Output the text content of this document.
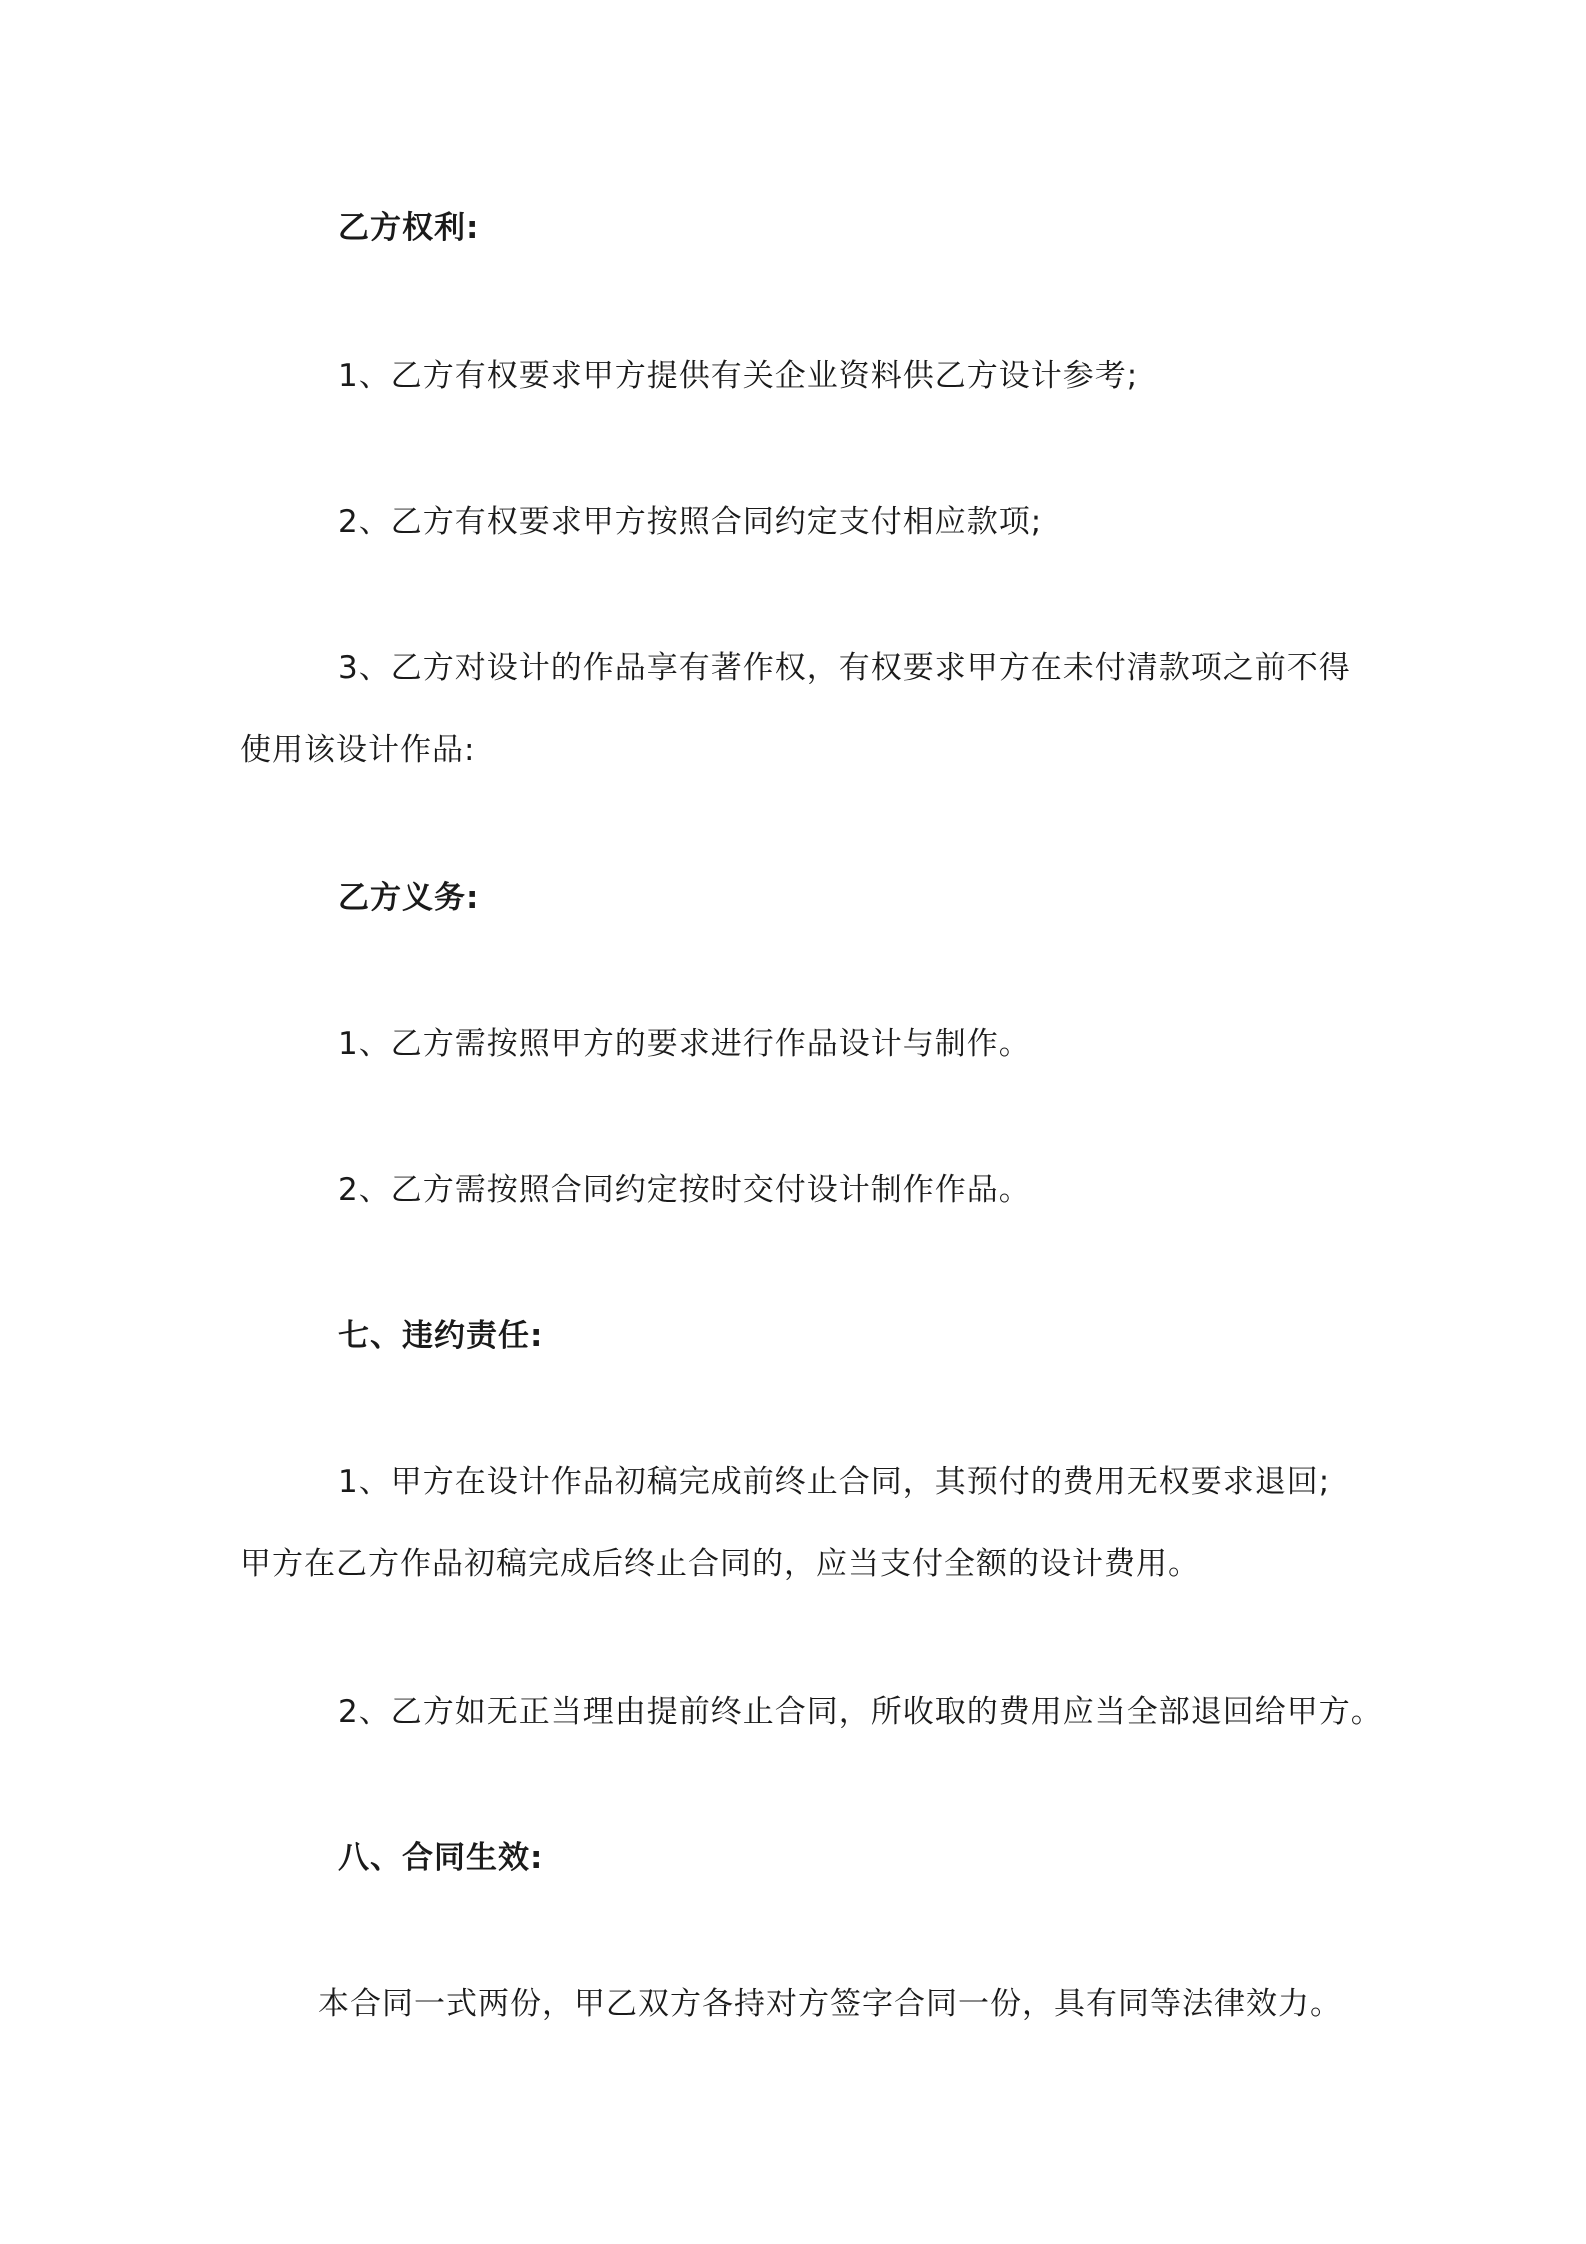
乙方权利:
1、乙方有权要求甲方提供有关企业资料供乙方设计参考;
2、乙方有权要求甲方按照合同约定支付相应款项;
3、乙方对设计的作品享有著作权，有权要求甲方在未付清款项之前不得
使用该设计作品:
乙方义务:
1、乙方需按照甲方的要求进行作品设计与制作。
2、乙方需按照合同约定按时交付设计制作作品。
七、违约责任:
1、甲方在设计作品初稿完成前终止合同，其预付的费用无权要求退回;
甲方在乙方作品初稿完成后终止合同的，应当支付全额的设计费用。
2、乙方如无正当理由提前终止合同，所收取的费用应当全部退回给甲方。
八、合同生效:
本合同一式两份，甲乙双方各持对方签字合同一份，具有同等法律效力。
